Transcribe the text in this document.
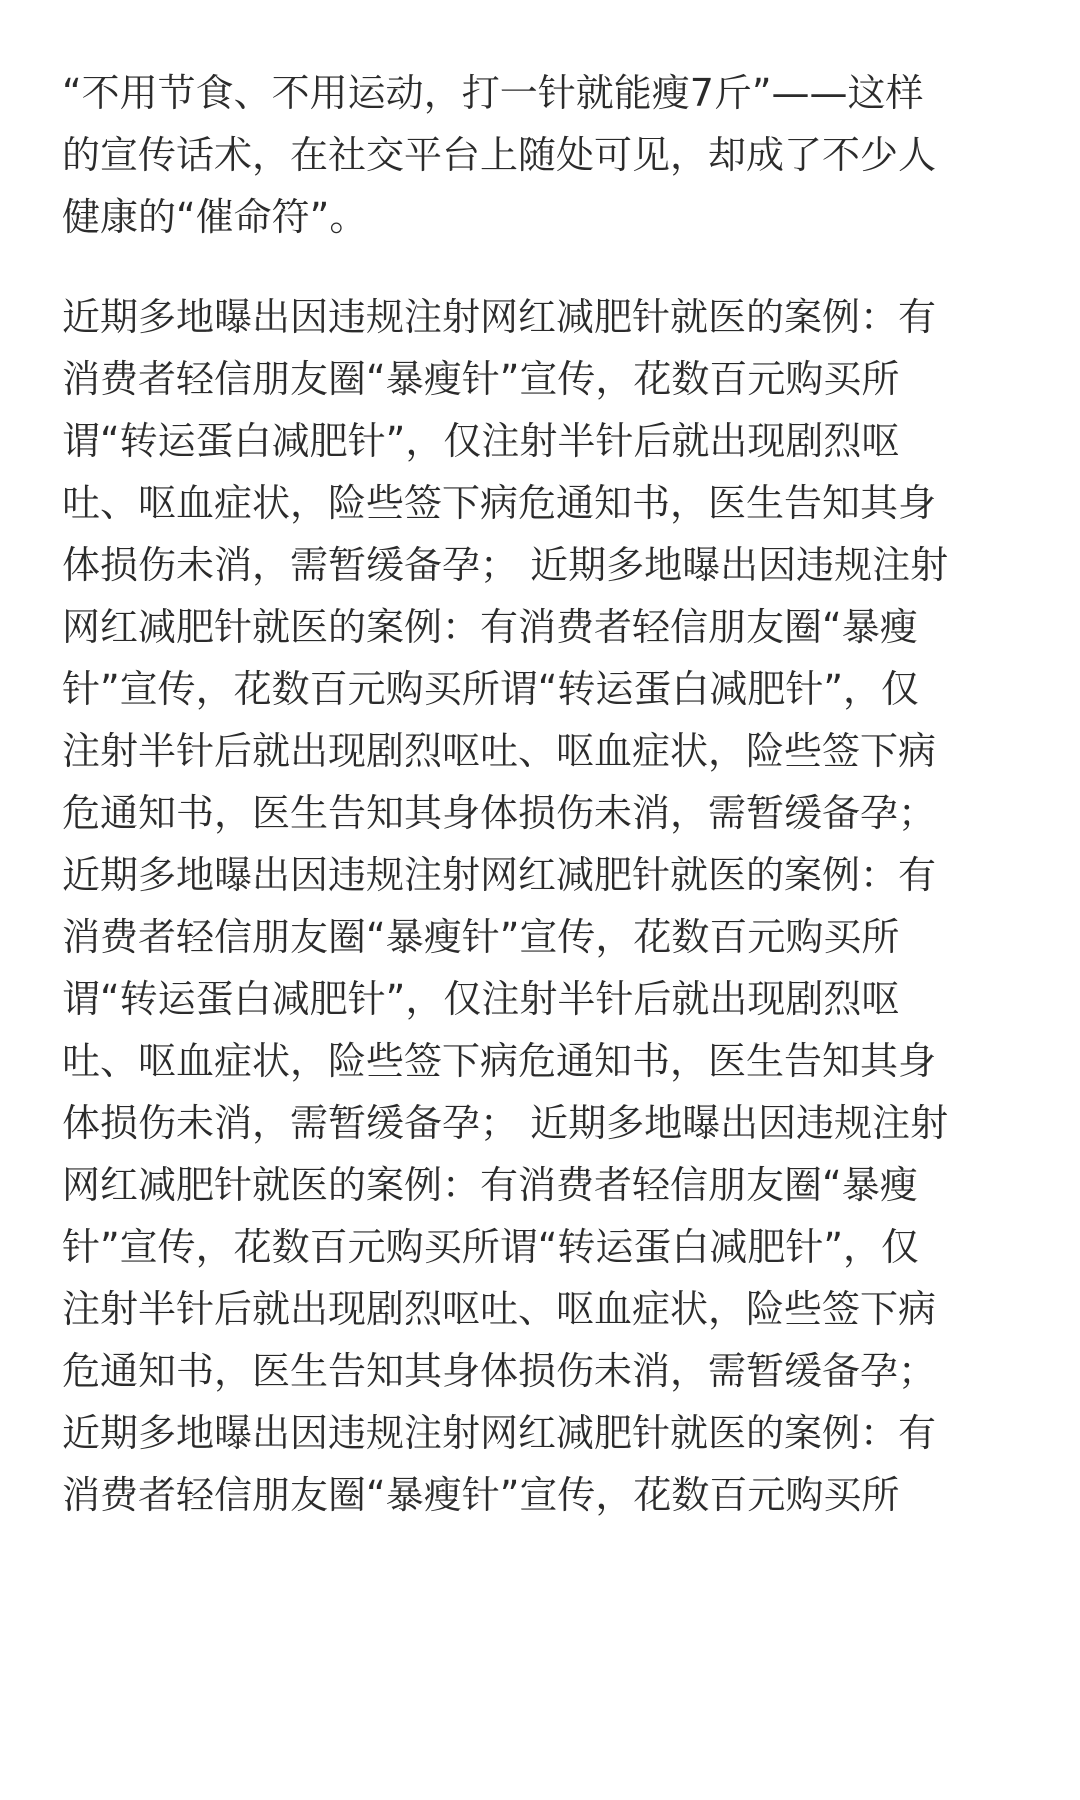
“不用节食、不用运动，打一针就能瘦7斤”——这样
的宣传话术，在社交平台上随处可见，却成了不少人
健康的“催命符”。

近期多地曝出因违规注射网红减肥针就医的案例：有
消费者轻信朋友圈“暴瘦针”宣传，花数百元购买所
谓“转运蛋白减肥针”，仅注射半针后就出现剧烈呕
吐、呕血症状，险些签下病危通知书，医生告知其身
体损伤未消，需暂缓备孕； 近期多地曝出因违规注射
网红减肥针就医的案例：有消费者轻信朋友圈“暴瘦
针”宣传，花数百元购买所谓“转运蛋白减肥针”，仅
注射半针后就出现剧烈呕吐、呕血症状，险些签下病
危通知书，医生告知其身体损伤未消，需暂缓备孕；
近期多地曝出因违规注射网红减肥针就医的案例：有
消费者轻信朋友圈“暴瘦针”宣传，花数百元购买所
谓“转运蛋白减肥针”，仅注射半针后就出现剧烈呕
吐、呕血症状，险些签下病危通知书，医生告知其身
体损伤未消，需暂缓备孕； 近期多地曝出因违规注射
网红减肥针就医的案例：有消费者轻信朋友圈“暴瘦
针”宣传，花数百元购买所谓“转运蛋白减肥针”，仅
注射半针后就出现剧烈呕吐、呕血症状，险些签下病
危通知书，医生告知其身体损伤未消，需暂缓备孕；
近期多地曝出因违规注射网红减肥针就医的案例：有
消费者轻信朋友圈“暴瘦针”宣传，花数百元购买所
